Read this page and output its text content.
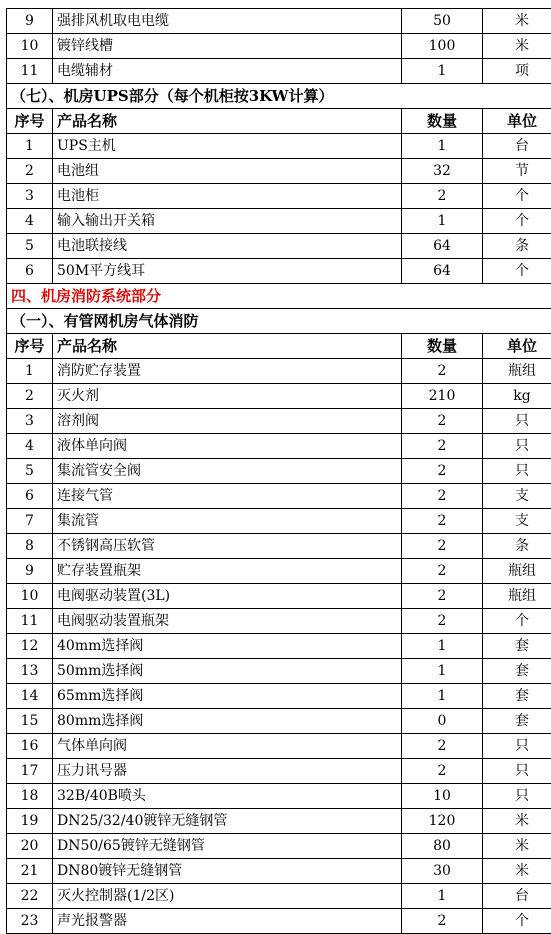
9	强排风机取电电缆	50	米
10	镀锌线槽	100	米
11	电缆辅材	1	项
（七）、机房UPS部分（每个机柜按3KW计算）			
序号	产品名称	数量	单位
1	UPS主机	1	台
2	电池组	32	节
3	电池柜	2	个
4	输入输出开关箱	1	个
5	电池联接线	64	条
6	50M平方线耳	64	个
四、机房消防系统部分			
（一）、有管网机房气体消防			
序号	产品名称	数量	单位
1	消防贮存装置	2	瓶组
2	灭火剂	210	kg
3	溶剂阀	2	只
4	液体单向阀	2	只
5	集流管安全阀	2	只
6	连接气管	2	支
7	集流管	2	支
8	不锈钢高压软管	2	条
9	贮存装置瓶架	2	瓶组
10	电阀驱动装置(3L)	2	瓶组
11	电阀驱动装置瓶架	2	个
12	40mm选择阀	1	套
13	50mm选择阀	1	套
14	65mm选择阀	1	套
15	80mm选择阀	0	套
16	气体单向阀	2	只
17	压力讯号器	2	只
18	32B/40B喷头	10	只
19	DN25/32/40镀锌无缝钢管	120	米
20	DN50/65镀锌无缝钢管	80	米
21	DN80镀锌无缝钢管	30	米
22	灭火控制器(1/2区)	1	台
23	声光报警器	2	个
